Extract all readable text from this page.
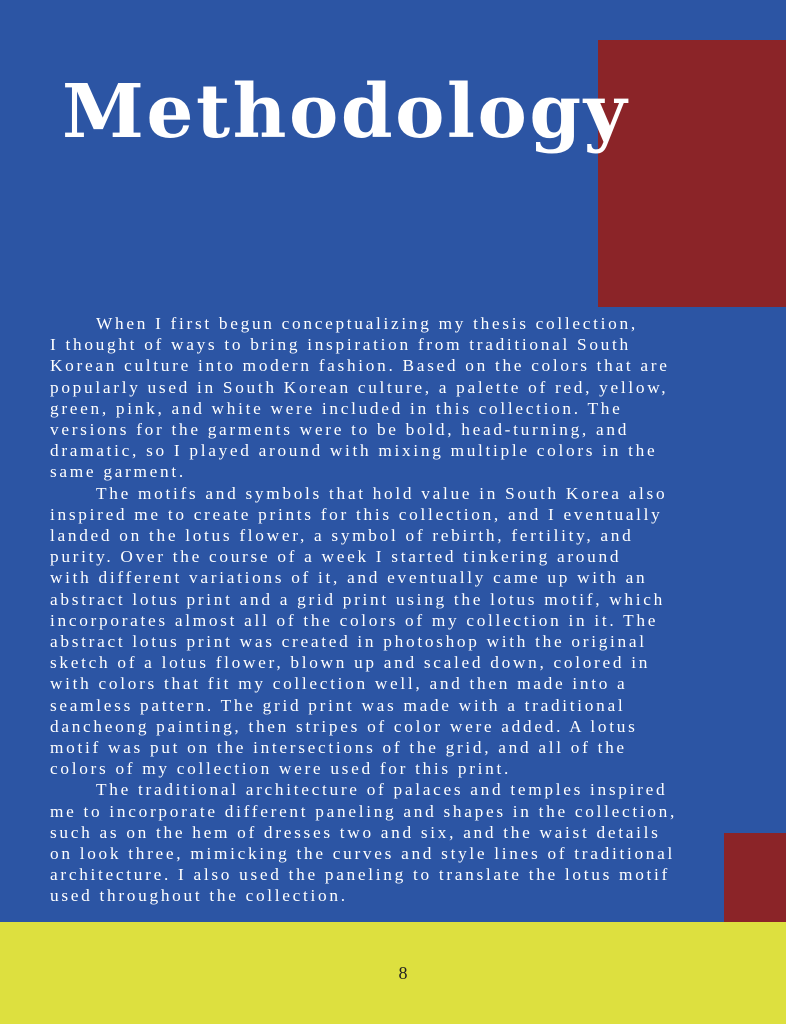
Methodology

When I first begun conceptualizing my thesis collection,
I thought of ways to bring inspiration from traditional South
Korean culture into modern fashion. Based on the colors that are
popularly used in South Korean culture, a palette of red, yellow,
green, pink, and white were included in this collection. The
versions for the garments were to be bold, head-turning, and
dramatic, so I played around with mixing multiple colors in the
same garment.

The motifs and symbols that hold value in South Korea also
inspired me to create prints for this collection, and I eventually
landed on the lotus flower, a symbol of rebirth, fertility, and
purity. Over the course of a week I started tinkering around
with different variations of it, and eventually came up with an
abstract lotus print and a grid print using the lotus motif, which
incorporates almost all of the colors of my collection in it. The
abstract lotus print was created in photoshop with the original
sketch of a lotus flower, blown up and scaled down, colored in
with colors that fit my collection well, and then made into a
seamless pattern. The grid print was made with a traditional
dancheong painting, then stripes of color were added. A lotus
motif was put on the intersections of the grid, and all of the
colors of my collection were used for this print.

The traditional architecture of palaces and temples inspired
me to incorporate different paneling and shapes in the collection,
such as on the hem of dresses two and six, and the waist details
on look three, mimicking the curves and style lines of traditional
architecture. I also used the paneling to translate the lotus motif
used throughout the collection.

8
